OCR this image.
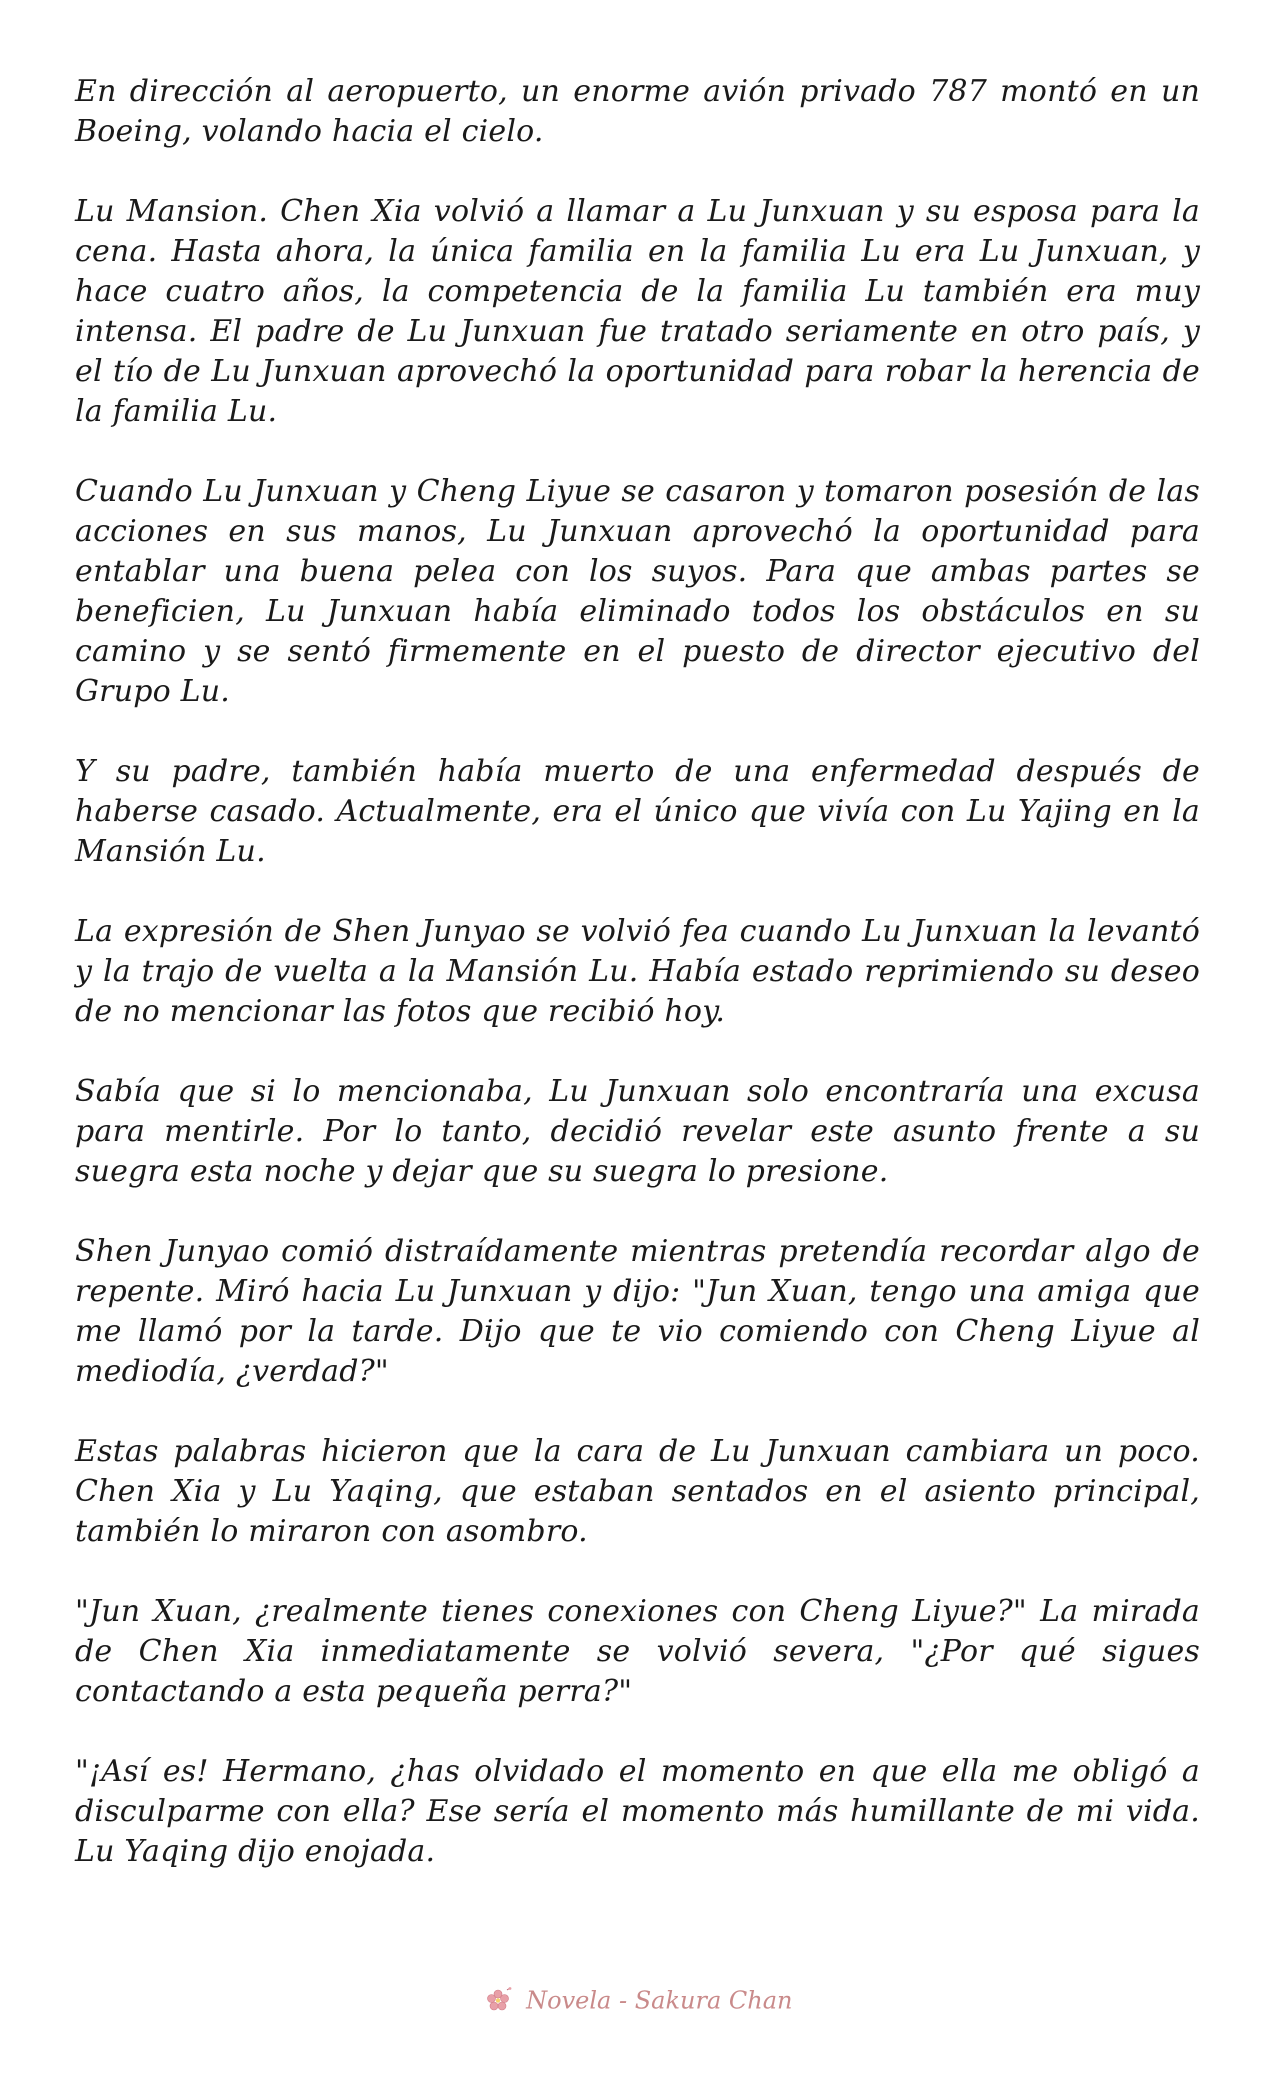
En dirección al aeropuerto, un enorme avión privado 787 montó en un Boeing, volando hacia el cielo.

Lu Mansion. Chen Xia volvió a llamar a Lu Junxuan y su esposa para la cena. Hasta ahora, la única familia en la familia Lu era Lu Junxuan, y hace cuatro años, la competencia de la familia Lu también era muy intensa. El padre de Lu Junxuan fue tratado seriamente en otro país, y el tío de Lu Junxuan aprovechó la oportunidad para robar la herencia de la familia Lu.

Cuando Lu Junxuan y Cheng Liyue se casaron y tomaron posesión de las acciones en sus manos, Lu Junxuan aprovechó la oportunidad para entablar una buena pelea con los suyos. Para que ambas partes se beneficien, Lu Junxuan había eliminado todos los obstáculos en su camino y se sentó firmemente en el puesto de director ejecutivo del Grupo Lu.

Y su padre, también había muerto de una enfermedad después de haberse casado. Actualmente, era el único que vivía con Lu Yajing en la Mansión Lu.

La expresión de Shen Junyao se volvió fea cuando Lu Junxuan la levantó y la trajo de vuelta a la Mansión Lu. Había estado reprimiendo su deseo de no mencionar las fotos que recibió hoy.

Sabía que si lo mencionaba, Lu Junxuan solo encontraría una excusa para mentirle. Por lo tanto, decidió revelar este asunto frente a su suegra esta noche y dejar que su suegra lo presione.

Shen Junyao comió distraídamente mientras pretendía recordar algo de repente. Miró hacia Lu Junxuan y dijo: "Jun Xuan, tengo una amiga que me llamó por la tarde. Dijo que te vio comiendo con Cheng Liyue al mediodía, ¿verdad?"

Estas palabras hicieron que la cara de Lu Junxuan cambiara un poco. Chen Xia y Lu Yaqing, que estaban sentados en el asiento principal, también lo miraron con asombro.

"Jun Xuan, ¿realmente tienes conexiones con Cheng Liyue?" La mirada de Chen Xia inmediatamente se volvió severa, "¿Por qué sigues contactando a esta pequeña perra?"

"¡Así es! Hermano, ¿has olvidado el momento en que ella me obligó a disculparme con ella? Ese sería el momento más humillante de mi vida. Lu Yaqing dijo enojada.

Novela - Sakura Chan
